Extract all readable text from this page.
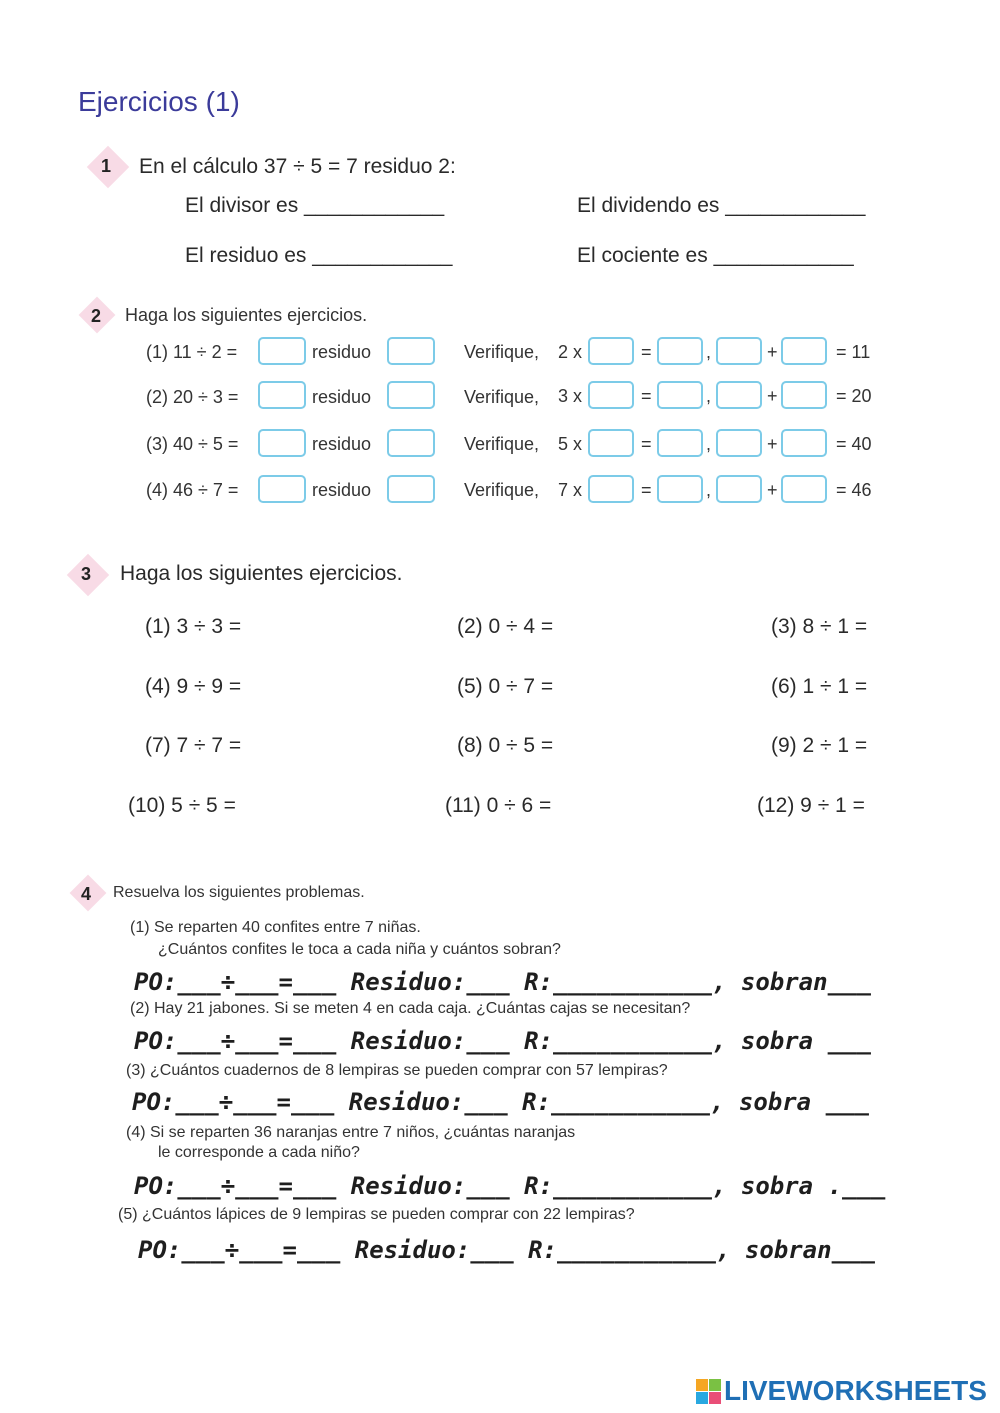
Ejercicios (1)
1 En el cálculo 37 ÷ 5 = 7 residuo 2:
El divisor es ____________	El dividendo es ____________
El residuo es ____________	El cociente es ____________
2 Haga los siguientes ejercicios.
(1) 11 ÷ 2 =	residuo	Verifique, 2 x	=	,	+	= 11
(2) 20 ÷ 3 =	residuo	Verifique, 3 x	=	,	+	= 20
(3) 40 ÷ 5 =	residuo	Verifique, 5 x	=	,	+	= 40
(4) 46 ÷ 7 =	residuo	Verifique, 7 x	=	,	+	= 46
3 Haga los siguientes ejercicios.
(1) 3 ÷ 3 =	(2) 0 ÷ 4 =	(3) 8 ÷ 1 =
(4) 9 ÷ 9 =	(5) 0 ÷ 7 =	(6) 1 ÷ 1 =
(7) 7 ÷ 7 =	(8) 0 ÷ 5 =	(9) 2 ÷ 1 =
(10) 5 ÷ 5 =	(11) 0 ÷ 6 =	(12) 9 ÷ 1 =
4 Resuelva los siguientes problemas.
(1) Se reparten 40 confites entre 7 niñas.
¿Cuántos confites le toca a cada niña y cuántos sobran?
PO:___÷___=___ Residuo:___ R:___________, sobran___
(2) Hay 21 jabones. Si se meten 4 en cada caja. ¿Cuántas cajas se necesitan?
PO:___÷___=___ Residuo:___ R:___________, sobra ___
(3) ¿Cuántos cuadernos de 8 lempiras se pueden comprar con 57 lempiras?
PO:___÷___=___ Residuo:___ R:___________, sobra ___
(4) Si se reparten 36 naranjas entre 7 niños, ¿cuántas naranjas
le corresponde a cada niño?
PO:___÷___=___ Residuo:___ R:___________, sobra .___
(5) ¿Cuántos lápices de 9 lempiras se pueden comprar con 22 lempiras?
PO:___÷___=___ Residuo:___ R:___________, sobran___
LIVEWORKSHEETS
